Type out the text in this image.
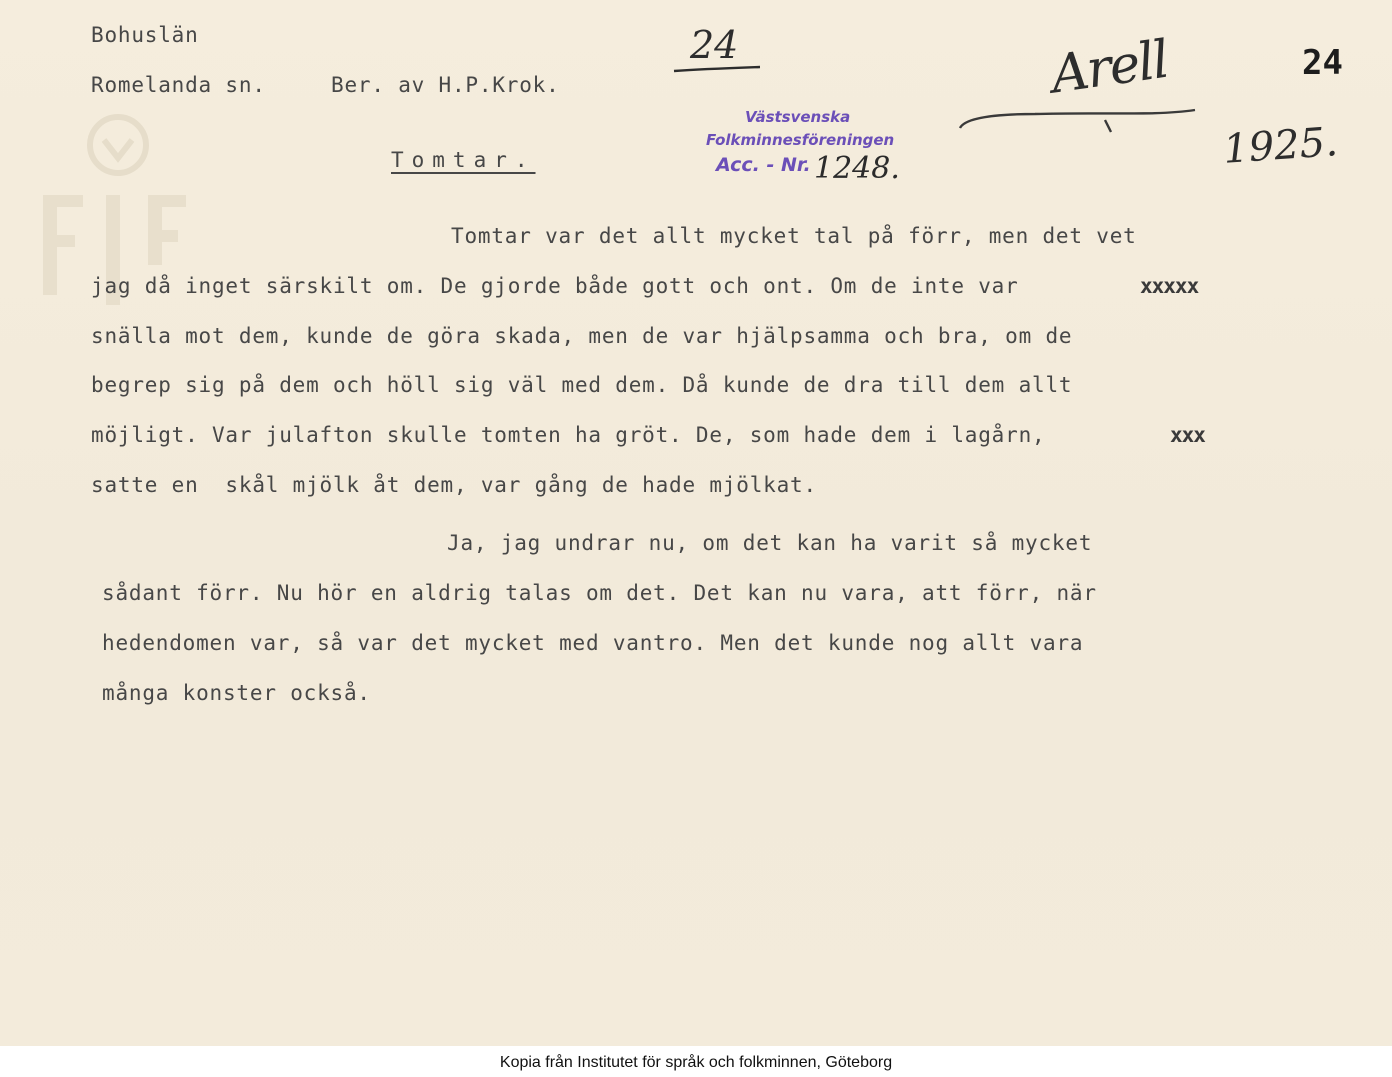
Bohuslän
Romelanda sn.	Ber. av H.P.Krok.
24	24
Arell
1925.
Västsvenska
Folkminnesföreningen
Acc. - Nr. 1248.
Tomtar.
Tomtar var det allt mycket tal på förr, men det vet
jag då inget särskilt om. De gjorde både gott och ont. Om de inte var	xxxxx
snälla mot dem, kunde de göra skada, men de var hjälpsamma och bra, om de
begrep sig på dem och höll sig väl med dem. Då kunde de dra till dem allt
möjligt. Var julafton skulle tomten ha gröt. De, som hade dem i lagårn,	xxx
satte en  skål mjölk åt dem, var gång de hade mjölkat.
Ja, jag undrar nu, om det kan ha varit så mycket
sådant förr. Nu hör en aldrig talas om det. Det kan nu vara, att förr, när
hedendomen var, så var det mycket med vantro. Men det kunde nog allt vara
många konster också.
Kopia från Institutet för språk och folkminnen, Göteborg
